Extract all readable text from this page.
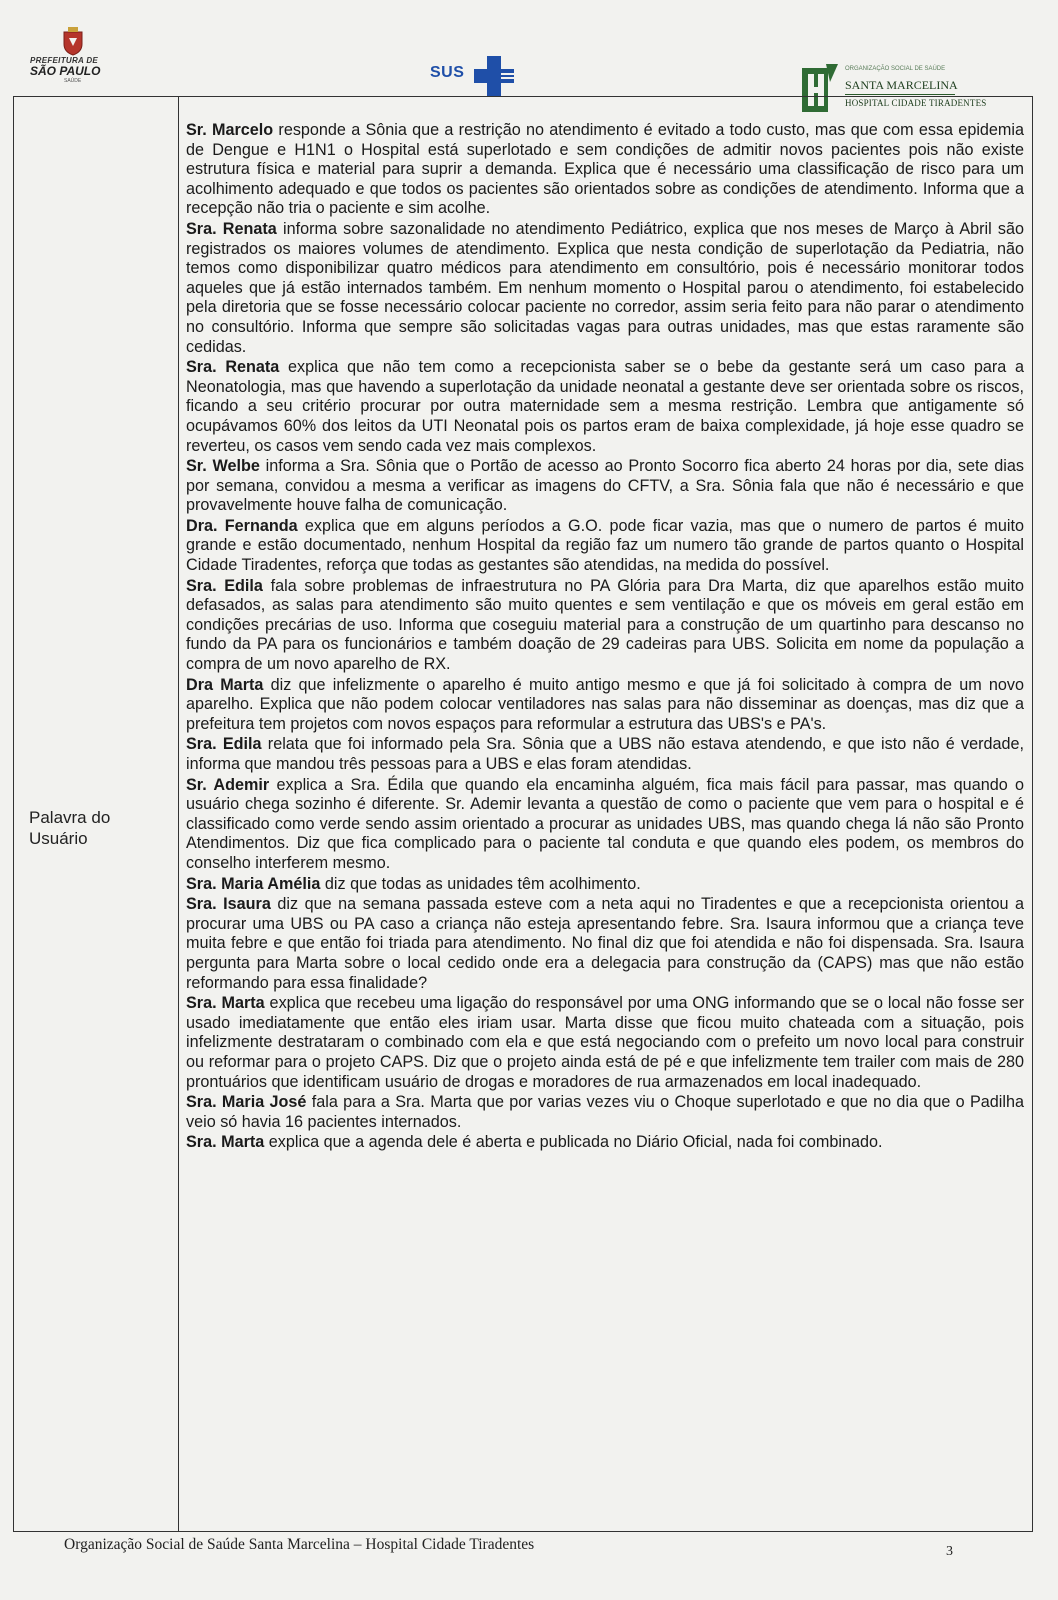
PREFEITURA DE
SÃO PAULO
SAÚDE	SUS	ORGANIZAÇÃO SOCIAL DE SAÚDE
SANTA MARCELINA
HOSPITAL CIDADE TIRADENTES
Palavra do Usuário

Sr. Marcelo responde a Sônia que a restrição no atendimento é evitado a todo custo, mas que com essa epidemia de Dengue e H1N1 o Hospital está superlotado e sem condições de admitir novos pacientes pois não existe estrutura física e material para suprir a demanda. Explica que é necessário uma classificação de risco para um acolhimento adequado e que todos os pacientes são orientados sobre as condições de atendimento. Informa que a recepção não tria o paciente e sim acolhe.

Sra. Renata informa sobre sazonalidade no atendimento Pediátrico, explica que nos meses de Março à Abril são registrados os maiores volumes de atendimento. Explica que nesta condição de superlotação da Pediatria, não temos como disponibilizar quatro médicos para atendimento em consultório, pois é necessário monitorar todos aqueles que já estão internados também. Em nenhum momento o Hospital parou o atendimento, foi estabelecido pela diretoria que se fosse necessário colocar paciente no corredor, assim seria feito para não parar o atendimento no consultório. Informa que sempre são solicitadas vagas para outras unidades, mas que estas raramente são cedidas.

Sra. Renata explica que não tem como a recepcionista saber se o bebe da gestante será um caso para a Neonatologia, mas que havendo a superlotação da unidade neonatal a gestante deve ser orientada sobre os riscos, ficando a seu critério procurar por outra maternidade sem a mesma restrição. Lembra que antigamente só ocupávamos 60% dos leitos da UTI Neonatal pois os partos eram de baixa complexidade, já hoje esse quadro se reverteu, os casos vem sendo cada vez mais complexos.

Sr. Welbe informa a Sra. Sônia que o Portão de acesso ao Pronto Socorro fica aberto 24 horas por dia, sete dias por semana, convidou a mesma a verificar as imagens do CFTV, a Sra. Sônia fala que não é necessário e que provavelmente houve falha de comunicação.

Dra. Fernanda explica que em alguns períodos a G.O. pode ficar vazia, mas que o numero de partos é muito grande e estão documentado, nenhum Hospital da região faz um numero tão grande de partos quanto o Hospital Cidade Tiradentes, reforça que todas as gestantes são atendidas, na medida do possível.

Sra. Edila fala sobre problemas de infraestrutura no PA Glória para Dra Marta, diz que aparelhos estão muito defasados, as salas para atendimento são muito quentes e sem ventilação e que os móveis em geral estão em condições precárias de uso. Informa que coseguiu material para a construção de um quartinho para descanso no fundo da PA para os funcionários e também doação de 29 cadeiras para UBS. Solicita em nome da população a compra de um novo aparelho de RX.

Dra Marta diz que infelizmente o aparelho é muito antigo mesmo e que já foi solicitado à compra de um novo aparelho. Explica que não podem colocar ventiladores nas salas para não disseminar as doenças, mas diz que a prefeitura tem projetos com novos espaços para reformular a estrutura das UBS's e PA's.

Sra. Edila relata que foi informado pela Sra. Sônia que a UBS não estava atendendo, e que isto não é verdade, informa que mandou três pessoas para a UBS e elas foram atendidas.

Sr. Ademir explica a Sra. Édila que quando ela encaminha alguém, fica mais fácil para passar, mas quando o usuário chega sozinho é diferente. Sr. Ademir levanta a questão de como o paciente que vem para o hospital e é classificado como verde sendo assim orientado a procurar as unidades UBS, mas quando chega lá não são Pronto Atendimentos. Diz que fica complicado para o paciente tal conduta e que quando eles podem, os membros do conselho interferem mesmo.

Sra. Maria Amélia diz que todas as unidades têm acolhimento.

Sra. Isaura diz que na semana passada esteve com a neta aqui no Tiradentes e que a recepcionista orientou a procurar uma UBS ou PA caso a criança não esteja apresentando febre. Sra. Isaura informou que a criança teve muita febre e que então foi triada para atendimento. No final diz que foi atendida e não foi dispensada. Sra. Isaura pergunta para Marta sobre o local cedido onde era a delegacia para construção da (CAPS) mas que não estão reformando para essa finalidade?

Sra. Marta explica que recebeu uma ligação do responsável por uma ONG informando que se o local não fosse ser usado imediatamente que então eles iriam usar. Marta disse que ficou muito chateada com a situação, pois infelizmente destrataram o combinado com ela e que está negociando com o prefeito um novo local para construir ou reformar para o projeto CAPS. Diz que o projeto ainda está de pé e que infelizmente tem trailer com mais de 280 prontuários que identificam usuário de drogas e moradores de rua armazenados em local inadequado.

Sra. Maria José fala para a Sra. Marta que por varias vezes viu o Choque superlotado e que no dia que o Padilha veio só havia 16 pacientes internados.

Sra. Marta explica que a agenda dele é aberta e publicada no Diário Oficial, nada foi combinado.

Organização Social de Saúde Santa Marcelina – Hospital Cidade Tiradentes	3
